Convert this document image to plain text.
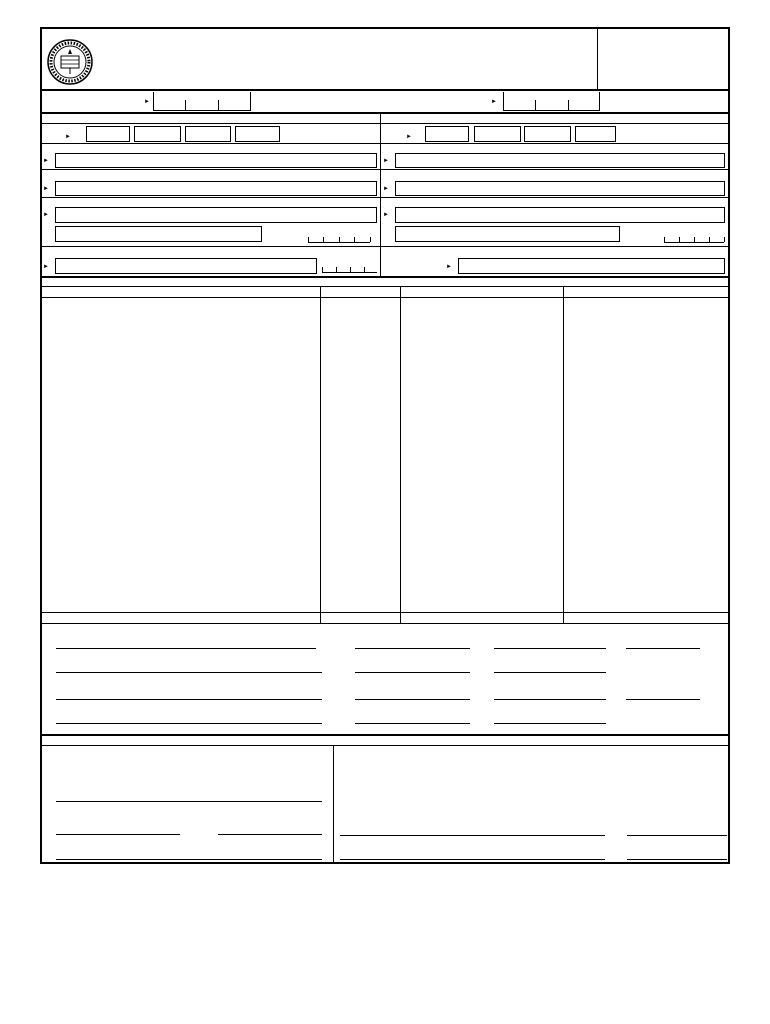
►	►
►	►
►	►
►	►
►	►
►	►
